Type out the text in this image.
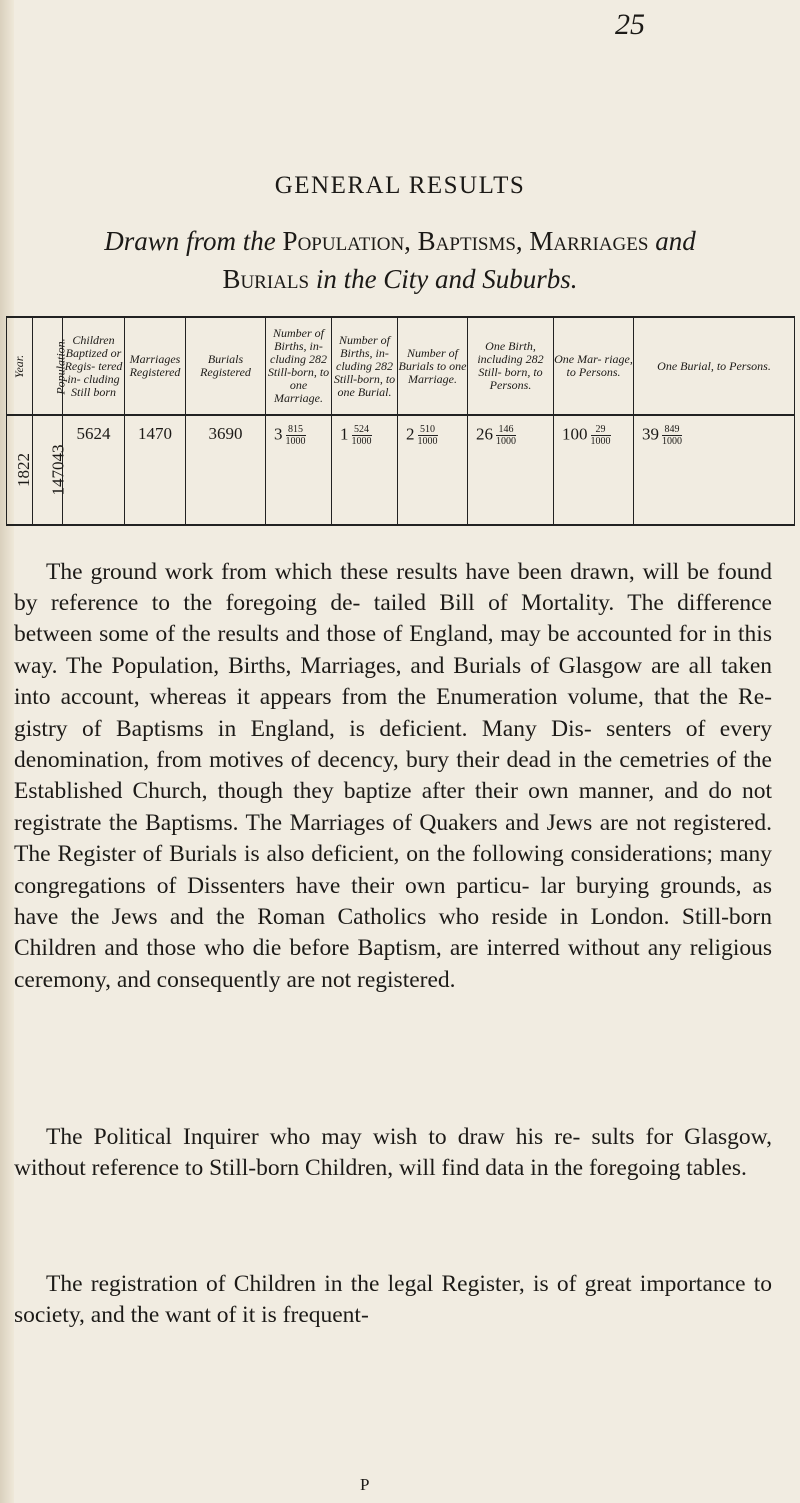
25
GENERAL RESULTS
Drawn from the Population, Baptisms, Marriages and
Burials in the City and Suburbs.
Year.	Population.	Children Baptized or Regis- tered in- cluding Still born	Marriages Registered	Burials Registered	Number of Births, in- cluding 282 Still-born, to one Marriage.	Number of Births, in- cluding 282 Still-born, to one Burial.	Number of Burials to one Marriage.	One Birth, including 282 Still- born, to Persons.	One Mar- riage, to Persons.	One Burial, to Persons.
1822	147043	5624	1470	3690	$3 \frac{815}{1000}$	$1 \frac{524}{1000}$	$2 \frac{510}{1000}$	$26 \frac{146}{1000}$	$100 \frac{29}{1000}$	$39 \frac{849}{1000}$

The ground work from which these results have been drawn, will be found by reference to the foregoing de- tailed Bill of Mortality. The difference between some of the results and those of England, may be accounted for in this way. The Population, Births, Marriages, and Burials of Glasgow are all taken into account, whereas it appears from the Enumeration volume, that the Re- gistry of Baptisms in England, is deficient. Many Dis- senters of every denomination, from motives of decency, bury their dead in the cemetries of the Established Church, though they baptize after their own manner, and do not registrate the Baptisms. The Marriages of Quakers and Jews are not registered. The Register of Burials is also deficient, on the following considerations; many congregations of Dissenters have their own particu- lar burying grounds, as have the Jews and the Roman Catholics who reside in London. Still-born Children and those who die before Baptism, are interred without any religious ceremony, and consequently are not registered.

The Political Inquirer who may wish to draw his re- sults for Glasgow, without reference to Still-born Children, will find data in the foregoing tables.

The registration of Children in the legal Register, is of great importance to society, and the want of it is frequent-

P
